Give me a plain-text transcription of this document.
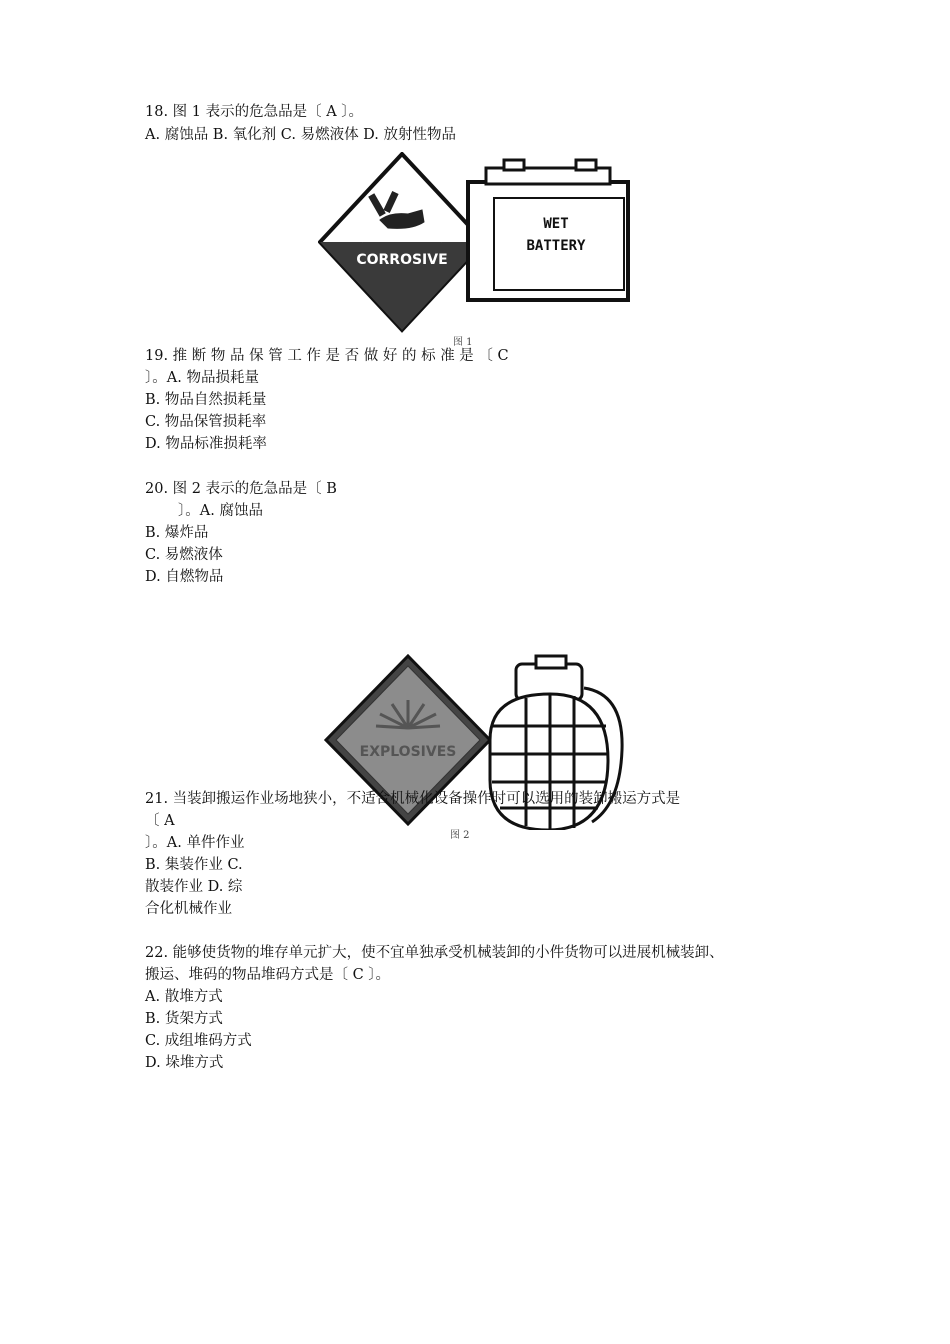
18. 图 1 表示的危急品是〔 A 〕。
A. 腐蚀品 B. 氧化剂 C. 易燃液体 D. 放射性物品
CORROSIVE
WET
BATTERY
图 1
19. 推 断 物 品 保 管 工 作 是 否 做 好 的 标 准 是 〔 C
〕。A. 物品损耗量
B. 物品自然损耗量
C. 物品保管损耗率
D. 物品标准损耗率
20. 图 2 表示的危急品是〔 B
〕。A. 腐蚀品
B. 爆炸品
C. 易燃液体
D. 自燃物品
EXPLOSIVES
图 2
21. 当装卸搬运作业场地狭小，不适合机械化设备操作时可以选用的装卸搬运方式是
〔 A
〕。A. 单件作业
B. 集装作业 C.
散装作业 D. 综
合化机械作业
22. 能够使货物的堆存单元扩大，使不宜单独承受机械装卸的小件货物可以进展机械装卸、
搬运、堆码的物品堆码方式是〔 C 〕。
A. 散堆方式
B. 货架方式
C. 成组堆码方式
D. 垛堆方式
